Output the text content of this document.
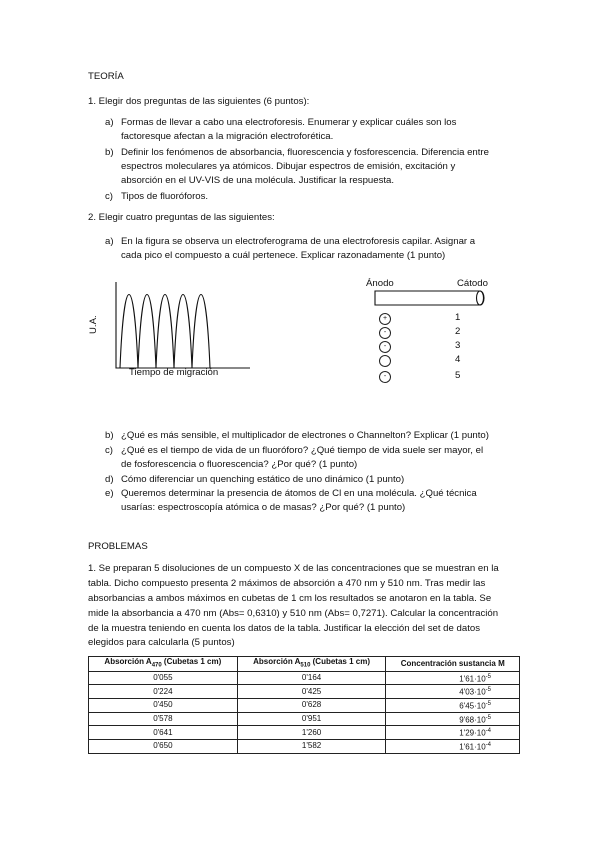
TEORÍA
1. Elegir dos preguntas de las siguientes (6 puntos):
a) Formas de llevar a cabo una electroforesis. Enumerar y explicar cuáles son los
factoresque afectan a la migración electroforética.
b) Definir los fenómenos de absorbancia, fluorescencia y fosforescencia. Diferencia entre
espectros moleculares ya atómicos. Dibujar espectros de emisión, excitación y
absorción en el UV-VIS de una molécula. Justificar la respuesta.
c) Tipos de fluoróforos.
2. Elegir cuatro preguntas de las siguientes:
a) En la figura se observa un electroferograma de una electroforesis capilar. Asignar a
cada pico el compuesto a cuál pertenece. Explicar razonadamente (1 punto)
U.A.
Tiempo de migración
Ánodo	Cátodo
+	1
-	2
-	3
4
-	5
b) ¿Qué es más sensible, el multiplicador de electrones o Channelton? Explicar (1 punto)
c) ¿Qué es el tiempo de vida de un fluoróforo? ¿Qué tiempo de vida suele ser mayor, el
de fosforescencia o fluorescencia? ¿Por qué? (1 punto)
d) Cómo diferenciar un quenching estático de uno dinámico (1 punto)
e) Queremos determinar la presencia de átomos de Cl en una molécula. ¿Qué técnica
usarías: espectroscopía atómica o de masas? ¿Por qué? (1 punto)
PROBLEMAS
1. Se preparan 5 disoluciones de un compuesto X de las concentraciones que se muestran en la
tabla. Dicho compuesto presenta 2 máximos de absorción a 470 nm y 510 nm. Tras medir las
absorbancias a ambos máximos en cubetas de 1 cm los resultados se anotaron en la tabla. Se
mide la absorbancia a 470 nm (Abs= 0,6310) y 510 nm (Abs= 0,7271). Calcular la concentración
de la muestra teniendo en cuenta los datos de la tabla. Justificar la elección del set de datos
elegidos para calcularla (5 puntos)
Absorción $A_{470}$ (Cubetas 1 cm)	Absorción $A_{510}$ (Cubetas 1 cm)	Concentración sustancia M
0'055	0'164	$1'61\cdot 10^{-5}$
0'224	0'425	$4'03\cdot 10^{-5}$
0'450	0'628	$6'45\cdot 10^{-5}$
0'578	0'951	$9'68\cdot 10^{-5}$
0'641	1'260	$1'29\cdot 10^{-4}$
0'650	1'582	$1'61\cdot 10^{-4}$
